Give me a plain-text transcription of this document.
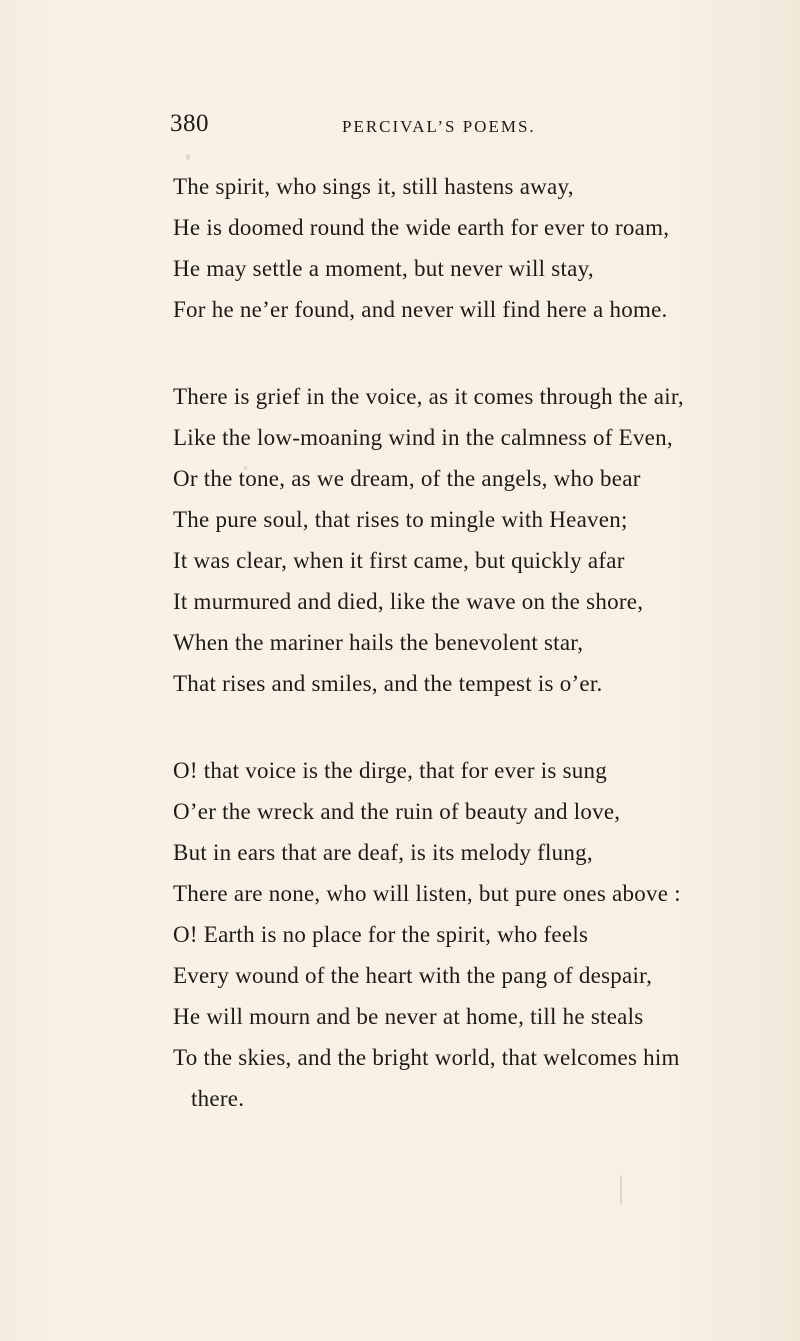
380	PERCIVAL’S POEMS.
The spirit, who sings it, still hastens away,
He is doomed round the wide earth for ever to roam,
He may settle a moment, but never will stay,
For he ne’er found, and never will find here a home.
There is grief in the voice, as it comes through the air,
Like the low-moaning wind in the calmness of Even,
Or the tone, as we dream, of the angels, who bear
The pure soul, that rises to mingle with Heaven;
It was clear, when it first came, but quickly afar
It murmured and died, like the wave on the shore,
When the mariner hails the benevolent star,
That rises and smiles, and the tempest is o’er.
O! that voice is the dirge, that for ever is sung
O’er the wreck and the ruin of beauty and love,
But in ears that are deaf, is its melody flung,
There are none, who will listen, but pure ones above :
O! Earth is no place for the spirit, who feels
Every wound of the heart with the pang of despair,
He will mourn and be never at home, till he steals
To the skies, and the bright world, that welcomes him
there.
